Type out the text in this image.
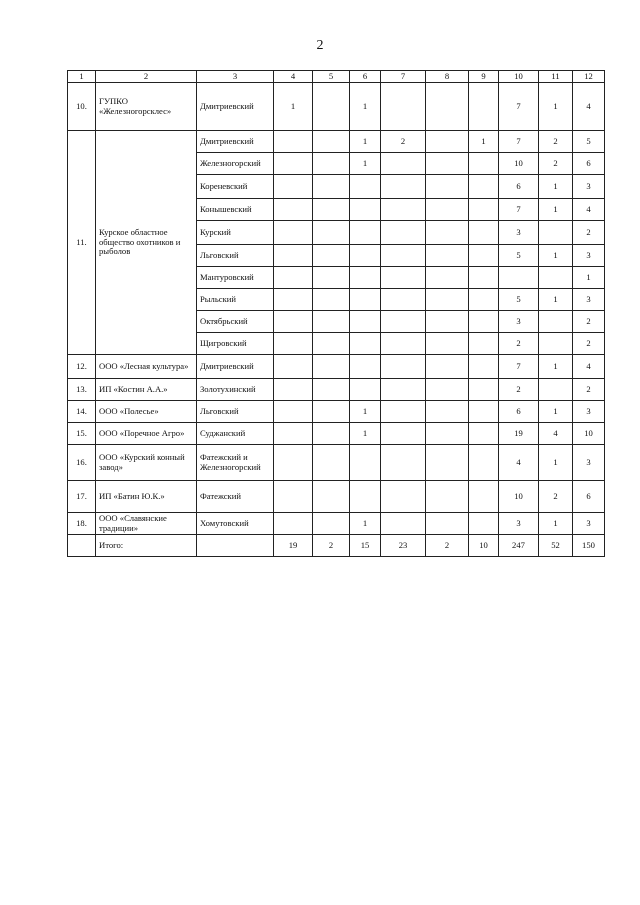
2
1	2	3	4	5	6	7	8	9	10	11	12
10.	ГУПКО «Железногорсклес»	Дмитриевский	1		1				7	1	4
11.	Курское областное общество охотников и рыболов	Дмитриевский			1	2		1	7	2	5
		Железногорский			1				10	2	6
		Кореневский							6	1	3
		Конышевский							7	1	4
		Курский							3		2
		Льговский							5	1	3
		Мантуровский									1
		Рыльский							5	1	3
		Октябрьский							3		2
		Щигровский							2		2
12.	ООО «Лесная культура»	Дмитриевский							7	1	4
13.	ИП «Костин А.А.»	Золотухинский							2		2
14.	ООО «Полесье»	Льговский			1				6	1	3
15.	ООО «Поречное Агро»	Суджанский			1				19	4	10
16.	ООО «Курский конный завод»	Фатежский и Железногорский							4	1	3
17.	ИП «Батин Ю.К.»	Фатежский							10	2	6
18.	ООО «Славянские традиции»	Хомутовский			1				3	1	3
	Итого:		19	2	15	23	2	10	247	52	150
